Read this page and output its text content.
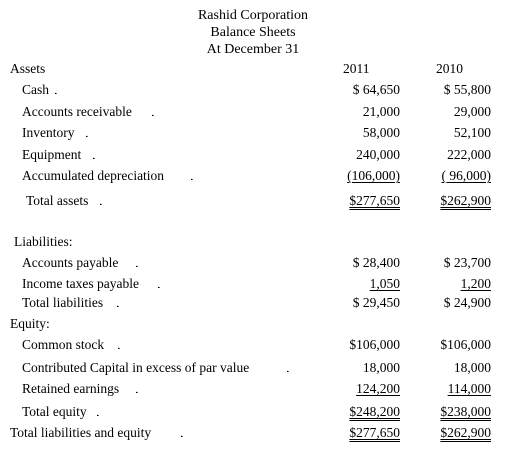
Rashid Corporation
Balance Sheets
At December 31
Assets	2011	2010
Cash . . .	$ 64,650	$ 55,800
Accounts receivable . . .	21,000	29,000
Inventory . . .	58,000	52,100
Equipment . . .	240,000	222,000
Accumulated depreciation . . .	(106,000)	( 96,000)
Total assets . . .	$277,650	$262,900
Liabilities:
Accounts payable . . .	$ 28,400	$ 23,700
Income taxes payable . . .	1,050	1,200
Total liabilities . . .	$ 29,450	$ 24,900
Equity:
Common stock . . .	$106,000	$106,000
Contributed Capital in excess of par value . . .	18,000	18,000
Retained earnings . . .	124,200	114,000
Total equity . . .	$248,200	$238,000
Total liabilities and equity . . .	$277,650	$262,900
